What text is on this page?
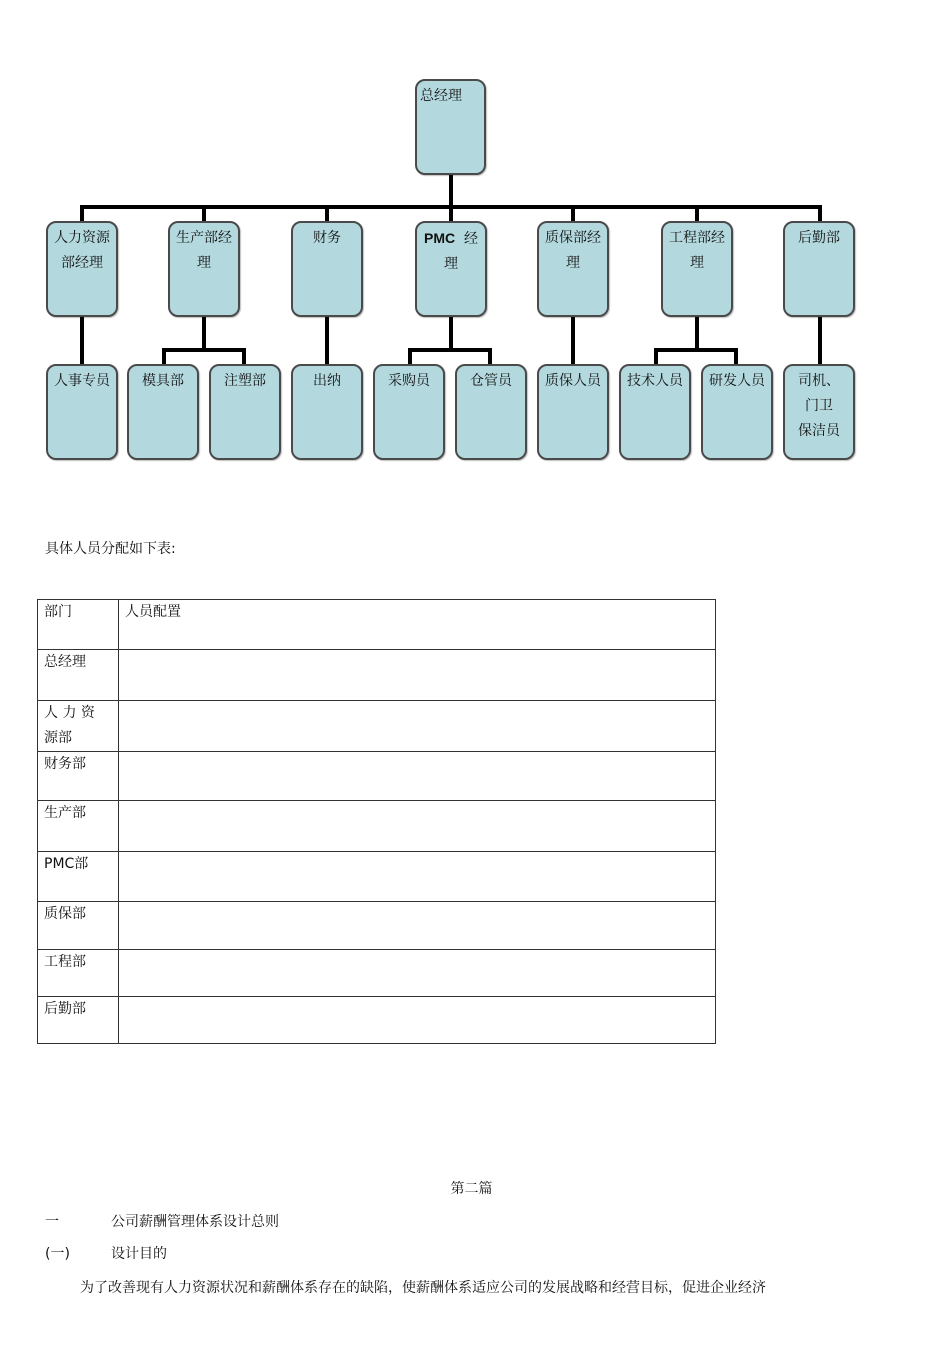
总经理
人力资源
部经理
生产部经
理
财务	PMC 经
理
质保部经
理
工程部经
理
后勤部
人事专员	模具部	注塑部	出纳	采购员	仓管员	质保人员	技术人员	研发人员	司机、
门卫
保洁员
具体人员分配如下表:
部门	人员配置
总经理	
人 力 资 源部	
财务部	
生产部	
PMC部	
质保部	
工程部	
后勤部	
第二篇
一	公司薪酬管理体系设计总则
(一)	设计目的
为了改善现有人力资源状况和薪酬体系存在的缺陷，使薪酬体系适应公司的发展战略和经营目标，促进企业经济
